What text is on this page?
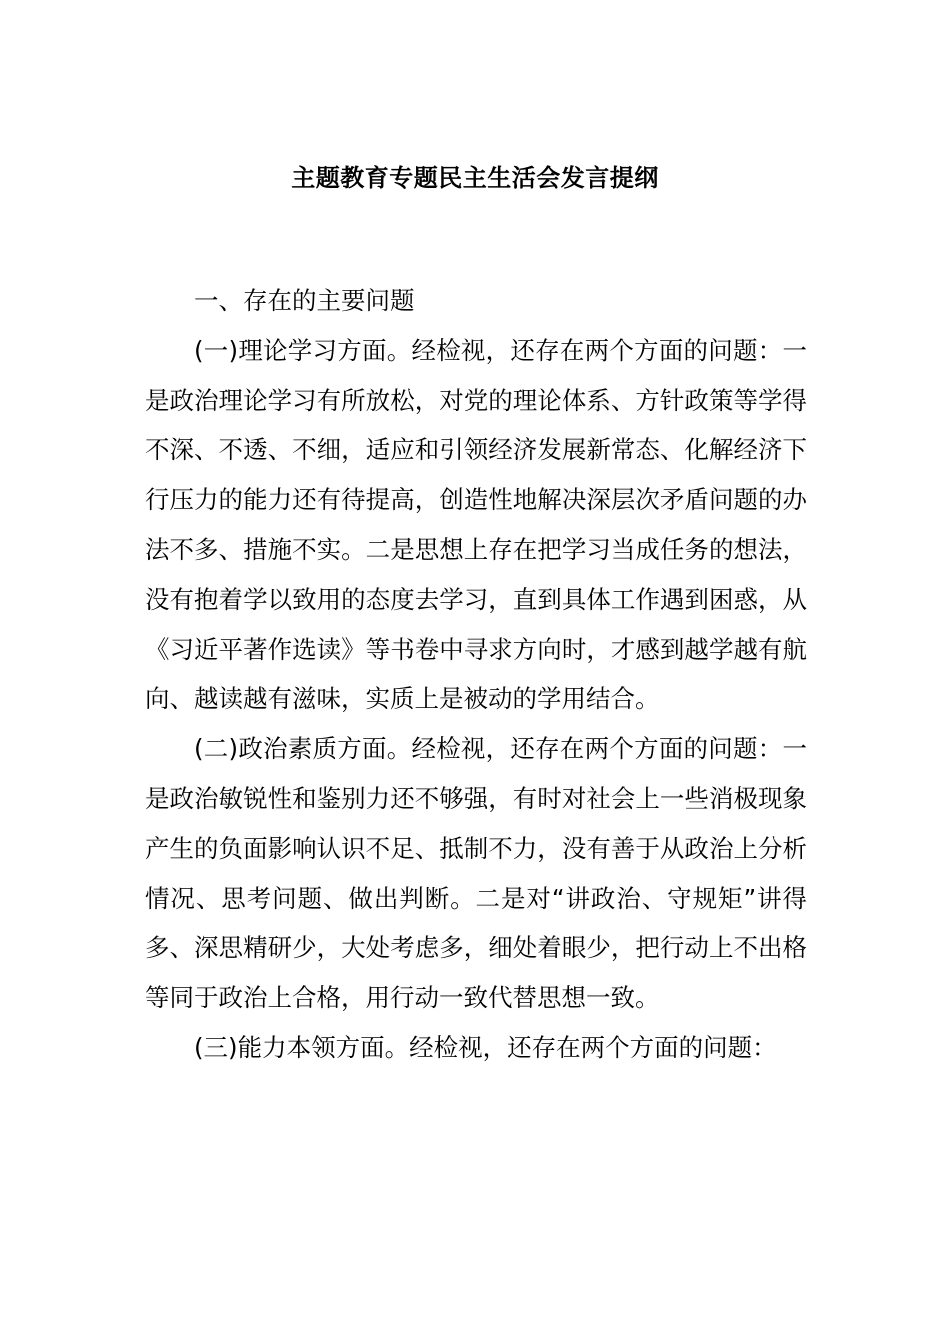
主题教育专题民主生活会发言提纲

一、存在的主要问题

(一)理论学习方面。经检视，还存在两个方面的问题：一是政治理论学习有所放松，对党的理论体系、方针政策等学得不深、不透、不细，适应和引领经济发展新常态、化解经济下行压力的能力还有待提高，创造性地解决深层次矛盾问题的办法不多、措施不实。二是思想上存在把学习当成任务的想法，没有抱着学以致用的态度去学习，直到具体工作遇到困惑，从《习近平著作选读》等书卷中寻求方向时，才感到越学越有航向、越读越有滋味，实质上是被动的学用结合。

(二)政治素质方面。经检视，还存在两个方面的问题：一是政治敏锐性和鉴别力还不够强，有时对社会上一些消极现象产生的负面影响认识不足、抵制不力，没有善于从政治上分析情况、思考问题、做出判断。二是对“讲政治、守规矩”讲得多、深思精研少，大处考虑多，细处着眼少，把行动上不出格等同于政治上合格，用行动一致代替思想一致。

(三)能力本领方面。经检视，还存在两个方面的问题：
